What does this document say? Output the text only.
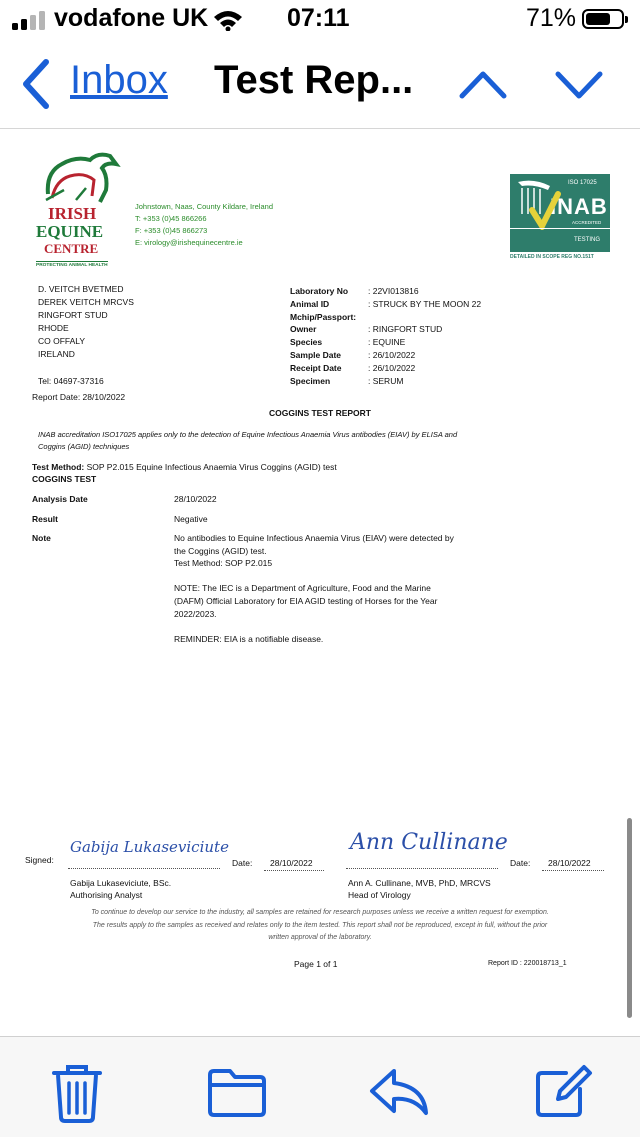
vodafone UK	07:11	71%
Inbox Test Rep...
IRISH
EQUINE
CENTRE
PROTECTING ANIMAL HEALTH
Johnstown, Naas, County Kildare, Ireland
T: +353 (0)45 866266
F: +353 (0)45 866273
E: virology@irishequinecentre.ie
ISO 17025
INAB
ACCREDITED
TESTING
DETAILED IN SCOPE REG NO.151T
D. VEITCH BVETMED
DEREK VEITCH MRCVS
RINGFORT STUD
RHODE
CO OFFALY
IRELAND
Tel: 04697-37316
Report Date: 28/10/2022
Laboratory No : 22VI013816
Animal ID	: STRUCK BY THE MOON 22
Mchip/Passport:
Owner	: RINGFORT STUD
Species	: EQUINE
Sample Date	: 26/10/2022
Receipt Date	: 26/10/2022
Specimen	: SERUM
COGGINS TEST REPORT
INAB accreditation ISO17025 applies only to the detection of Equine Infectious Anaemia Virus antibodies (EIAV) by ELISA and
Coggins (AGID) techniques
Test Method: SOP P2.015 Equine Infectious Anaemia Virus Coggins (AGID) test
COGGINS TEST
Analysis Date	28/10/2022
Result	Negative
Note	No antibodies to Equine Infectious Anaemia Virus (EIAV) were detected by
the Coggins (AGID) test.
Test Method: SOP P2.015
NOTE: The IEC is a Department of Agriculture, Food and the Marine
(DAFM) Official Laboratory for EIA AGID testing of Horses for the Year
2022/2023.
REMINDER: EIA is a notifiable disease.
Signed:
Gabija Lukaseviciute
Date: 28/10/2022
Ann Cullinane
Date: 28/10/2022
Gabija Lukaseviciute, BSc.
Authorising Analyst
Ann A. Cullinane, MVB, PhD, MRCVS
Head of Virology
To continue to develop our service to the industry, all samples are retained for research purposes unless we receive a written request for exemption.
The results apply to the samples as received and relates only to the item tested. This report shall not be reproduced, except in full, without the prior
written approval of the laboratory.
Page 1 of 1	Report ID : 220018713_1
